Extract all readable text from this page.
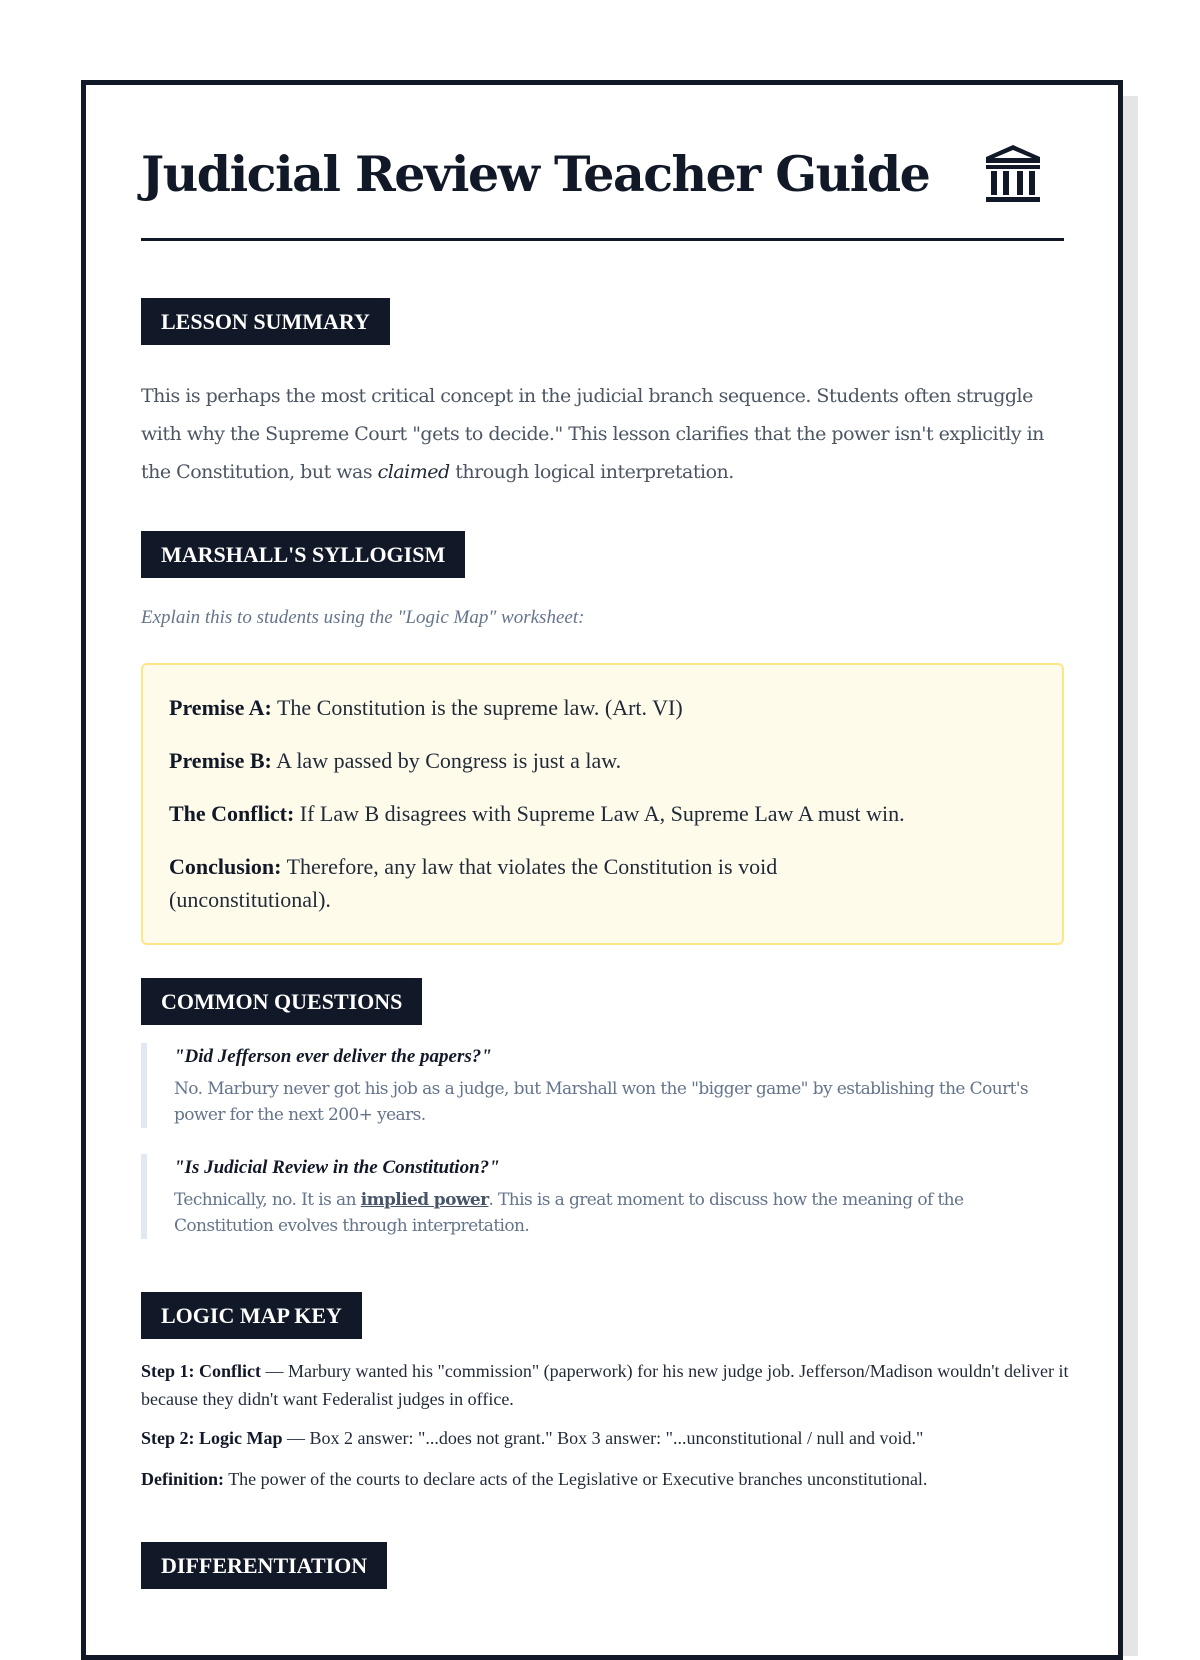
Judicial Review Teacher Guide
LESSON SUMMARY

This is perhaps the most critical concept in the judicial branch sequence. Students often struggle with why the Supreme Court "gets to decide." This lesson clarifies that the power isn't explicitly in the Constitution, but was claimed through logical interpretation.

MARSHALL'S SYLLOGISM

Explain this to students using the "Logic Map" worksheet:

Premise A: The Constitution is the supreme law. (Art. VI)

Premise B: A law passed by Congress is just a law.

The Conflict: If Law B disagrees with Supreme Law A, Supreme Law A must win.

Conclusion: Therefore, any law that violates the Constitution is void (unconstitutional).

COMMON QUESTIONS

"Did Jefferson ever deliver the papers?"

No. Marbury never got his job as a judge, but Marshall won the "bigger game" by establishing the Court's power for the next 200+ years.

"Is Judicial Review in the Constitution?"

Technically, no. It is an implied power. This is a great moment to discuss how the meaning of the Constitution evolves through interpretation.

LOGIC MAP KEY

Step 1: Conflict — Marbury wanted his "commission" (paperwork) for his new judge job. Jefferson/Madison wouldn't deliver it because they didn't want Federalist judges in office.

Step 2: Logic Map — Box 2 answer: "...does not grant." Box 3 answer: "...unconstitutional / null and void."

Definition: The power of the courts to declare acts of the Legislative or Executive branches unconstitutional.

DIFFERENTIATION
